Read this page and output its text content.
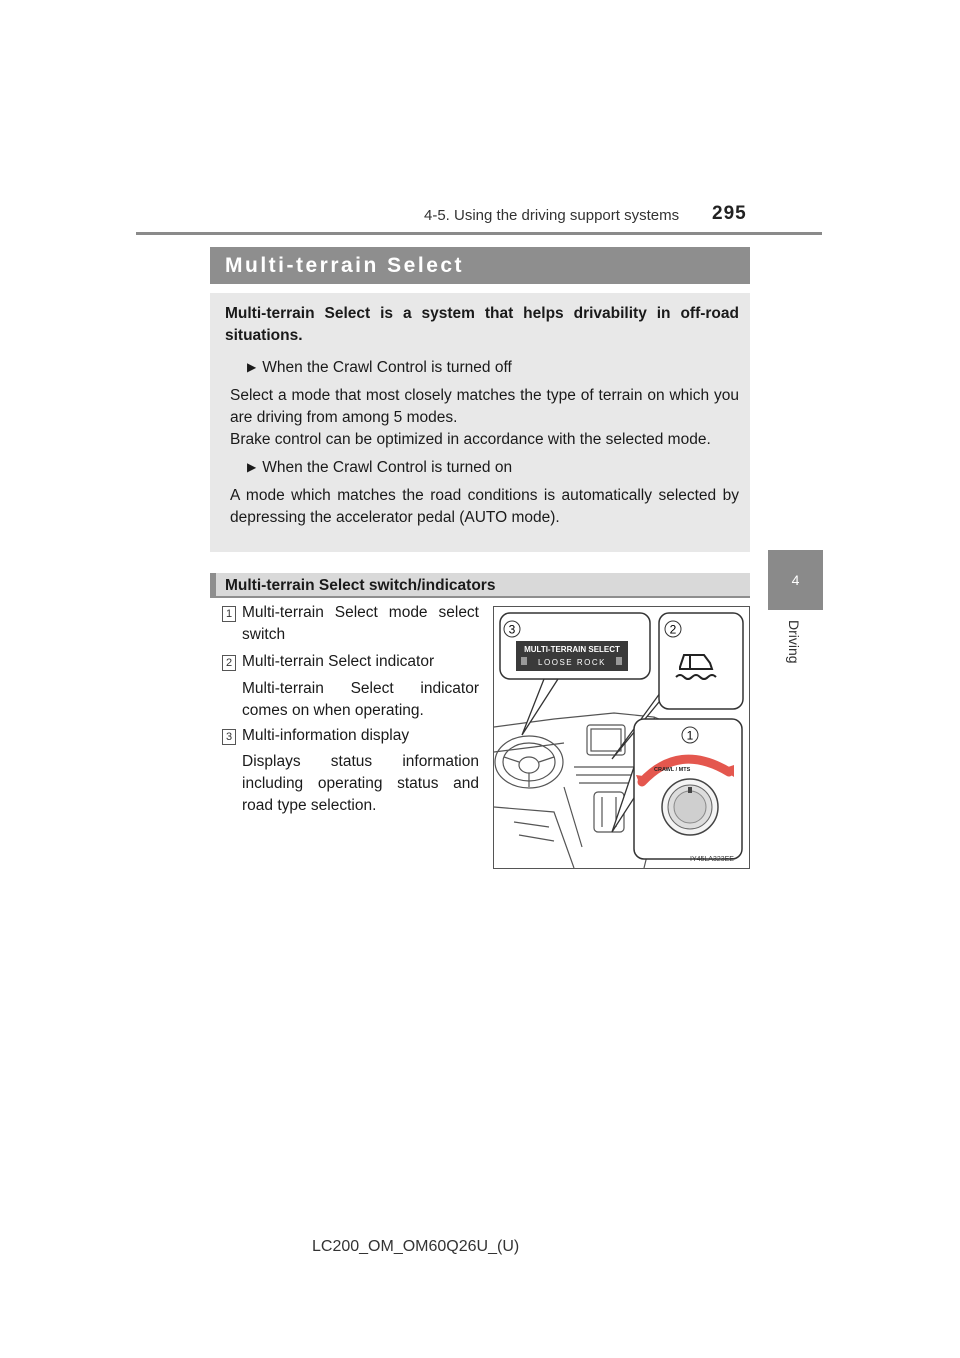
4-5. Using the driving support systems 295
4
Driving
Multi-terrain Select

Multi-terrain Select is a system that helps drivability in off-road situations.

▶ When the Crawl Control is turned off

Select a mode that most closely matches the type of terrain on which you are driving from among 5 modes.

Brake control can be optimized in accordance with the selected mode.

▶ When the Crawl Control is turned on

A mode which matches the road conditions is automatically selected by depressing the accelerator pedal (AUTO mode).

Multi-terrain Select switch/indicators
1 Multi-terrain Select mode select switch
2 Multi-terrain Select indicator
Multi-terrain Select indicator comes on when operating.
3 Multi-information display
Displays status information including operating status and road type selection.
3
MULTI-TERRAIN SELECT
LOOSE ROCK
2
1
CRAWL / MTS
IY45LA323EE
LC200_OM_OM60Q26U_(U)
